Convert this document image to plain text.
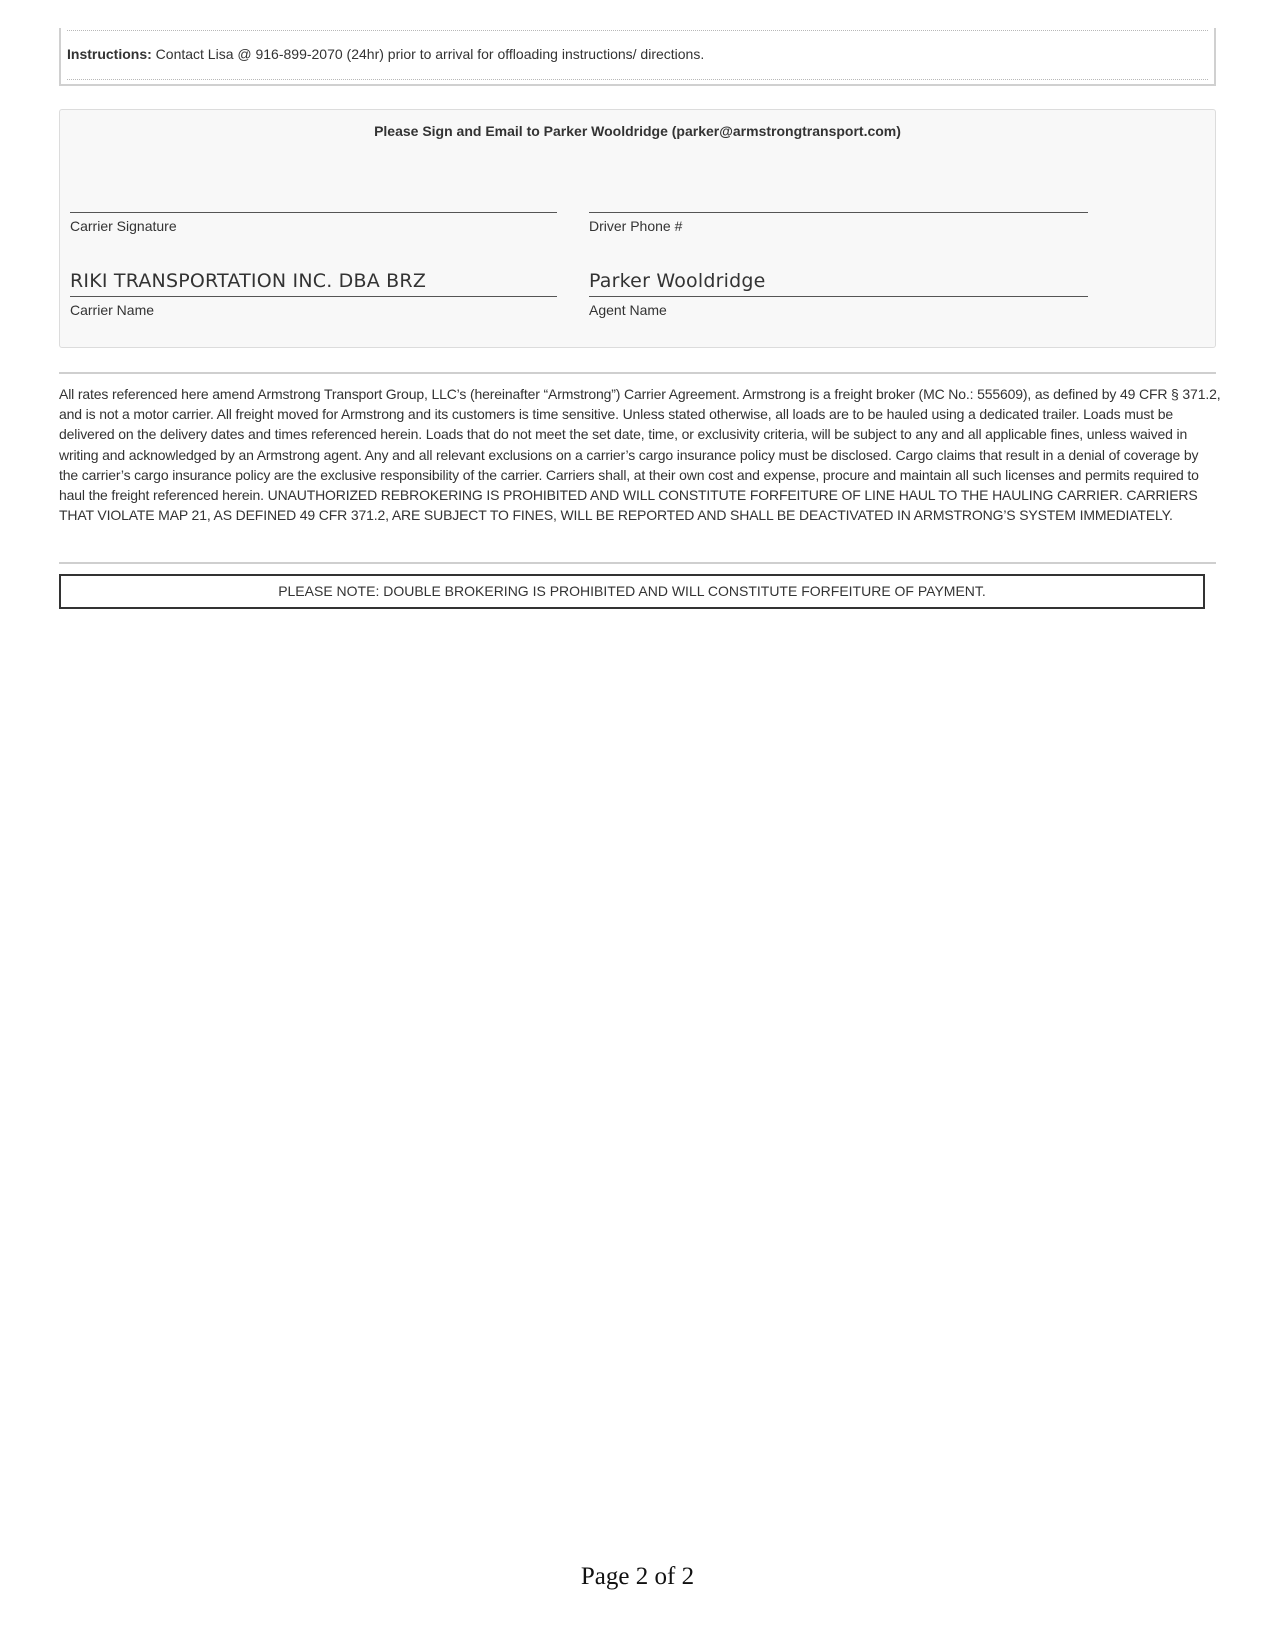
Instructions: Contact Lisa @ 916-899-2070 (24hr) prior to arrival for offloading instructions/ directions.
Please Sign and Email to Parker Wooldridge (parker@armstrongtransport.com)
Carrier Signature	Driver Phone #
RIKI TRANSPORTATION INC. DBA BRZ
Carrier Name
Parker Wooldridge
Agent Name
All rates referenced here amend Armstrong Transport Group, LLC’s (hereinafter “Armstrong”) Carrier Agreement. Armstrong is a freight broker (MC No.: 555609), as defined by 49 CFR § 371.2, and is not a motor carrier. All freight moved for Armstrong and its customers is time sensitive. Unless stated otherwise, all loads are to be hauled using a dedicated trailer. Loads must be delivered on the delivery dates and times referenced herein. Loads that do not meet the set date, time, or exclusivity criteria, will be subject to any and all applicable fines, unless waived in writing and acknowledged by an Armstrong agent. Any and all relevant exclusions on a carrier’s cargo insurance policy must be disclosed. Cargo claims that result in a denial of coverage by the carrier’s cargo insurance policy are the exclusive responsibility of the carrier. Carriers shall, at their own cost and expense, procure and maintain all such licenses and permits required to haul the freight referenced herein. UNAUTHORIZED REBROKERING IS PROHIBITED AND WILL CONSTITUTE FORFEITURE OF LINE HAUL TO THE HAULING CARRIER. CARRIERS THAT VIOLATE MAP 21, AS DEFINED 49 CFR 371.2, ARE SUBJECT TO FINES, WILL BE REPORTED AND SHALL BE DEACTIVATED IN ARMSTRONG’S SYSTEM IMMEDIATELY.
PLEASE NOTE: DOUBLE BROKERING IS PROHIBITED AND WILL CONSTITUTE FORFEITURE OF PAYMENT.
Page 2 of 2
